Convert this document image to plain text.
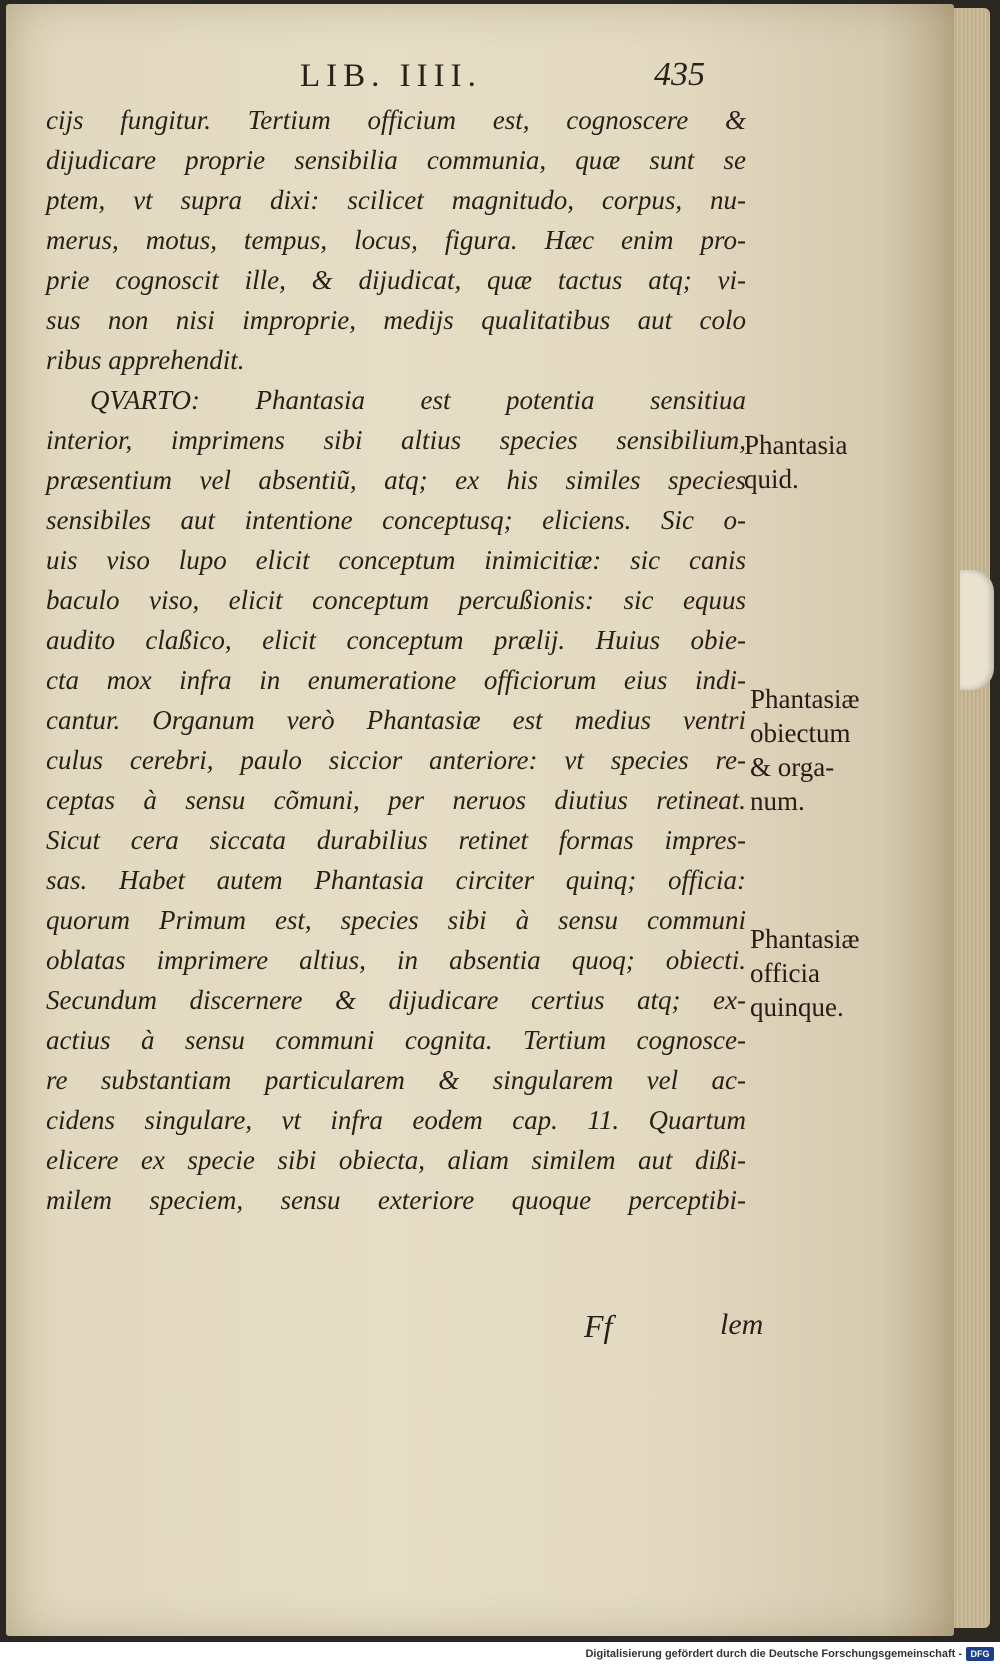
LIB. IIII.	435
cijs fungitur. Tertium officium est, cognoscere &
dijudicare proprie sensibilia communia, quæ sunt se
ptem, vt supra dixi: scilicet magnitudo, corpus, nu-
merus, motus, tempus, locus, figura. Hæc enim pro-
prie cognoscit ille, & dijudicat, quæ tactus atq; vi-
sus non nisi improprie, medijs qualitatibus aut colo
ribus apprehendit.
QVARTO: Phantasia est potentia sensitiua
interior, imprimens sibi altius species sensibilium,
præsentium vel absentiũ, atq; ex his similes species
sensibiles aut intentione conceptusq; eliciens. Sic o-
uis viso lupo elicit conceptum inimicitiæ: sic canis
baculo viso, elicit conceptum percußionis: sic equus
audito claßico, elicit conceptum prælij. Huius obie-
cta mox infra in enumeratione officiorum eius indi-
cantur. Organum verò Phantasiæ est medius ventri
culus cerebri, paulo siccior anteriore: vt species re-
ceptas à sensu cõmuni, per neruos diutius retineat.
Sicut cera siccata durabilius retinet formas impres-
sas. Habet autem Phantasia circiter quinq; officia:
quorum Primum est, species sibi à sensu communi
oblatas imprimere altius, in absentia quoq; obiecti.
Secundum discernere & dijudicare certius atq; ex-
actius à sensu communi cognita. Tertium cognosce-
re substantiam particularem & singularem vel ac-
cidens singulare, vt infra eodem cap. 11. Quartum
elicere ex specie sibi obiecta, aliam similem aut dißi-
milem speciem, sensu exteriore quoque perceptibi-
Phantasia
quid.
Phantasiæ
obiectum
& orga-
num.
Phantasiæ
officia
quinque.
Ff	lem
Digitalisierung gefördert durch die Deutsche Forschungsgemeinschaft - DFG
